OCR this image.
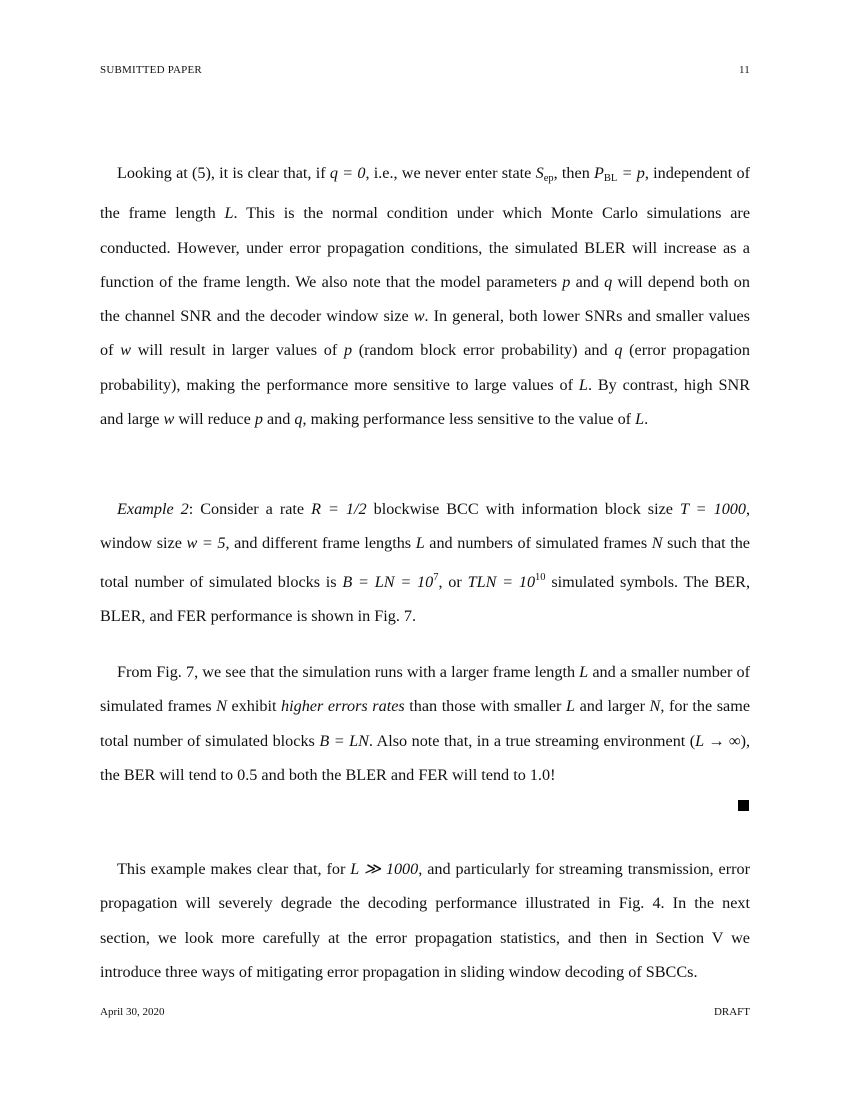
SUBMITTED PAPER	11

Looking at (5), it is clear that, if q = 0, i.e., we never enter state $S_{ep}$, then $P_{BL} = p$, independent of the frame length L. This is the normal condition under which Monte Carlo simulations are conducted. However, under error propagation conditions, the simulated BLER will increase as a function of the frame length. We also note that the model parameters p and q will depend both on the channel SNR and the decoder window size w. In general, both lower SNRs and smaller values of w will result in larger values of p (random block error probability) and q (error propagation probability), making the performance more sensitive to large values of L. By contrast, high SNR and large w will reduce p and q, making performance less sensitive to the value of L.

Example 2: Consider a rate R = 1/2 blockwise BCC with information block size T = 1000, window size w = 5, and different frame lengths L and numbers of simulated frames N such that the total number of simulated blocks is B = LN = $10^7$, or TLN = $10^{10}$ simulated symbols. The BER, BLER, and FER performance is shown in Fig. 7.

From Fig. 7, we see that the simulation runs with a larger frame length L and a smaller number of simulated frames N exhibit higher errors rates than those with smaller L and larger N, for the same total number of simulated blocks B = LN. Also note that, in a true streaming environment (L → ∞), the BER will tend to 0.5 and both the BLER and FER will tend to 1.0!

This example makes clear that, for L ≫ 1000, and particularly for streaming transmission, error propagation will severely degrade the decoding performance illustrated in Fig. 4. In the next section, we look more carefully at the error propagation statistics, and then in Section V we introduce three ways of mitigating error propagation in sliding window decoding of SBCCs.

April 30, 2020	DRAFT
